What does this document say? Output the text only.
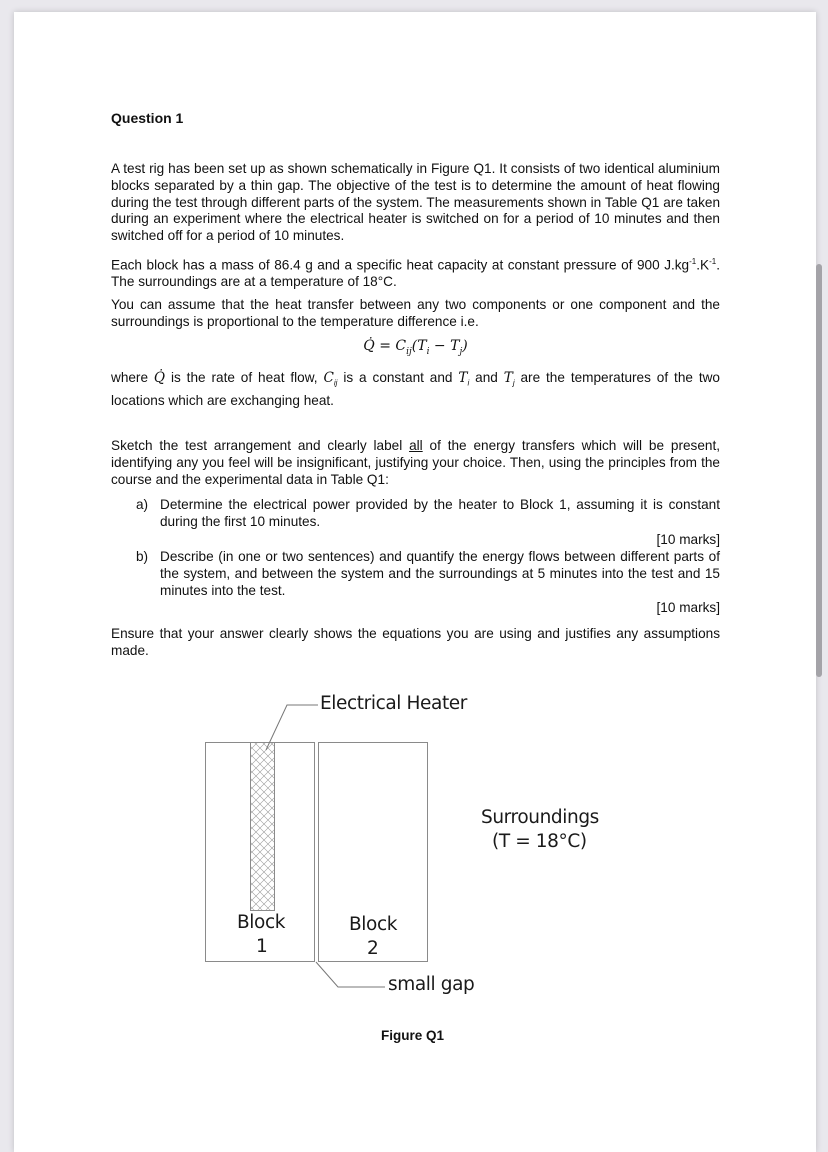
Question 1
A test rig has been set up as shown schematically in Figure Q1. It consists of two identical aluminium blocks separated by a thin gap. The objective of the test is to determine the amount of heat flowing during the test through different parts of the system. The measurements shown in Table Q1 are taken during an experiment where the electrical heater is switched on for a period of 10 minutes and then switched off for a period of 10 minutes.
Each block has a mass of 86.4 g and a specific heat capacity at constant pressure of 900 $J.kg^{-1}.K^{-1}$. The surroundings are at a temperature of 18°C.
You can assume that the heat transfer between any two components or one component and the surroundings is proportional to the temperature difference i.e.
Q̇ = $C_{ij}(T_i - T_j)$
where Q̇ is the rate of heat flow, $C_{ij}$ is a constant and $T_i$ and $T_j$ are the temperatures of the two locations which are exchanging heat.
Sketch the test arrangement and clearly label all of the energy transfers which will be present, identifying any you feel will be insignificant, justifying your choice. Then, using the principles from the course and the experimental data in Table Q1:
a) Determine the electrical power provided by the heater to Block 1, assuming it is constant during the first 10 minutes.
[10 marks]
b) Describe (in one or two sentences) and quantify the energy flows between different parts of the system, and between the system and the surroundings at 5 minutes into the test and 15 minutes into the test.
[10 marks]
Ensure that your answer clearly shows the equations you are using and justifies any assumptions made.
Electrical Heater
Block
1
Block
2
Surroundings
(T = 18°C)
small gap
Figure Q1
